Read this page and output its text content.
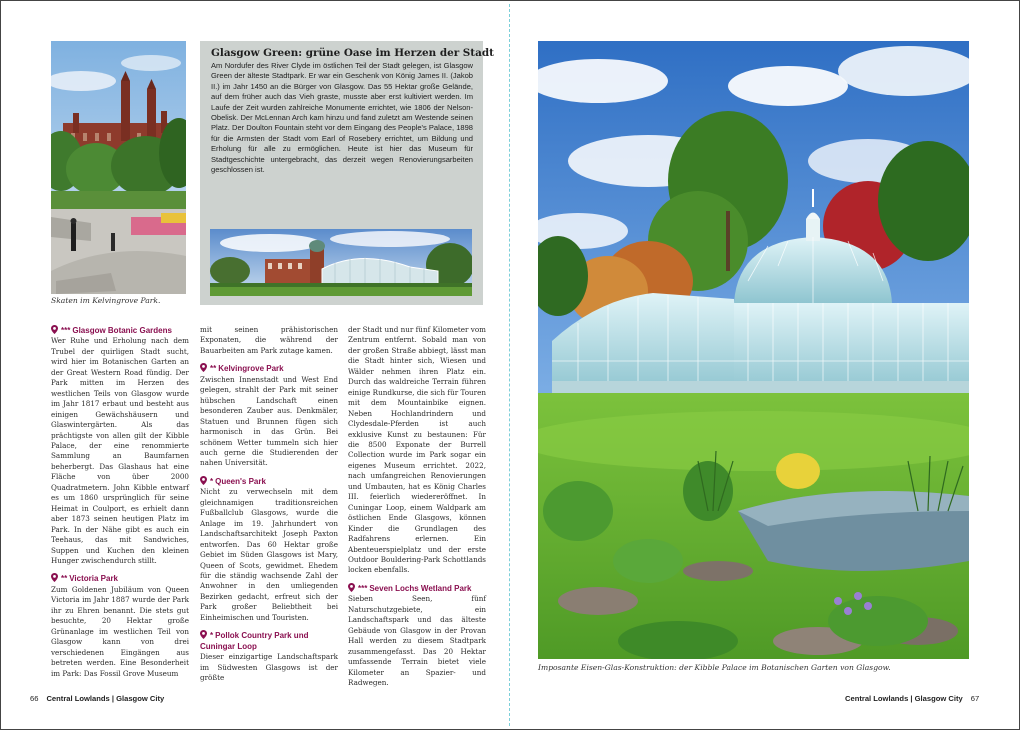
Skaten im Kelvingrove Park.
Glasgow Green: grüne Oase im Herzen der Stadt

Am Nordufer des River Clyde im östlichen Teil der Stadt gelegen, ist Glasgow Green der älteste Stadtpark. Er war ein Geschenk von König James II. (Jakob II.) im Jahr 1450 an die Bürger von Glasgow. Das 55 Hektar große Gelände, auf dem früher auch das Vieh graste, musste aber erst kultiviert werden. Im Laufe der Zeit wurden zahlreiche Monumente errichtet, wie 1806 der Nelson-Obelisk. Der McLennan Arch kam hinzu und fand zuletzt am Westende seinen Platz. Der Doulton Fountain steht vor dem Eingang des People's Palace, 1898 für die Armsten der Stadt vom Earl of Rosebery errichtet, um Bildung und Erholung für alle zu ermöglichen. Heute ist hier das Museum für Stadtgeschichte untergebracht, das derzeit wegen Renovierungsarbeiten geschlossen ist.

*** Glasgow Botanic Gardens

Wer Ruhe und Erholung nach dem Trubel der quirligen Stadt sucht, wird hier im Botanischen Garten an der Great Western Road fündig. Der Park mitten im Herzen des westlichen Teils von Glasgow wurde im Jahr 1817 erbaut und besteht aus einigen Gewächshäusern und Glaswintergärten. Als das prächtigste von allen gilt der Kibble Palace, der eine renommierte Sammlung an Baumfarnen beherbergt. Das Glashaus hat eine Fläche von über 2000 Quadratmetern. John Kibble entwarf es um 1860 ursprünglich für seine Heimat in Coulport, es erhielt dann aber 1873 seinen heutigen Platz im Park. In der Nähe gibt es auch ein Teehaus, das mit Sandwiches, Suppen und Kuchen den kleinen Hunger zwischendurch stillt.

** Victoria Park

Zum Goldenen Jubiläum von Queen Victoria im Jahr 1887 wurde der Park ihr zu Ehren benannt. Die stets gut besuchte, 20 Hektar große Grünanlage im westlichen Teil von Glasgow kann von drei verschiedenen Eingängen aus betreten werden. Eine Besonderheit im Park: Das Fossil Grove Museum

mit seinen prähistorischen Exponaten, die während der Bauarbeiten am Park zutage kamen.

** Kelvingrove Park

Zwischen Innenstadt und West End gelegen, strahlt der Park mit seiner hübschen Landschaft einen besonderen Zauber aus. Denkmäler, Statuen und Brunnen fügen sich harmonisch in das Grün. Bei schönem Wetter tummeln sich hier auch gerne die Studierenden der nahen Universität.

* Queen's Park

Nicht zu verwechseln mit dem gleichnamigen traditionsreichen Fußballclub Glasgows, wurde die Anlage im 19. Jahrhundert von Landschaftsarchitekt Joseph Paxton entworfen. Das 60 Hektar große Gebiet im Süden Glasgows ist Mary, Queen of Scots, gewidmet. Ehedem für die ständig wachsende Zahl der Anwohner in den umliegenden Bezirken gedacht, erfreut sich der Park großer Beliebtheit bei Einheimischen und Touristen.

* Pollok Country Park und Cuningar Loop

Dieser einzigartige Landschaftspark im Südwesten Glasgows ist der größte

der Stadt und nur fünf Kilometer vom Zentrum entfernt. Sobald man von der großen Straße abbiegt, lässt man die Stadt hinter sich, Wiesen und Wälder nehmen ihren Platz ein. Durch das waldreiche Terrain führen einige Rundkurse, die sich für Touren mit dem Mountainbike eignen. Neben Hochlandrindern und Clydesdale-Pferden ist auch exklusive Kunst zu bestaunen: Für die 8500 Exponate der Burrell Collection wurde im Park sogar ein eigenes Museum errichtet. 2022, nach umfangreichen Renovierungen und Umbauten, hat es König Charles III. feierlich wiedereröffnet. In Cuningar Loop, einem Waldpark am östlichen Ende Glasgows, können Kinder die Grundlagen des Radfahrens erlernen. Ein Abenteuerspielplatz und der erste Outdoor Bouldering-Park Schottlands locken ebenfalls.

*** Seven Lochs Wetland Park

Sieben Seen, fünf Naturschutzgebiete, ein Landschaftspark und das älteste Gebäude von Glasgow in der Provan Hall werden zu diesem Stadtpark zusammengefasst. Das 20 Hektar umfassende Terrain bietet viele Kilometer an Spazier- und Radwegen.

66 Central Lowlands | Glasgow City
Imposante Eisen-Glas-Konstruktion: der Kibble Palace im Botanischen Garten von Glasgow.
Central Lowlands | Glasgow City 67
